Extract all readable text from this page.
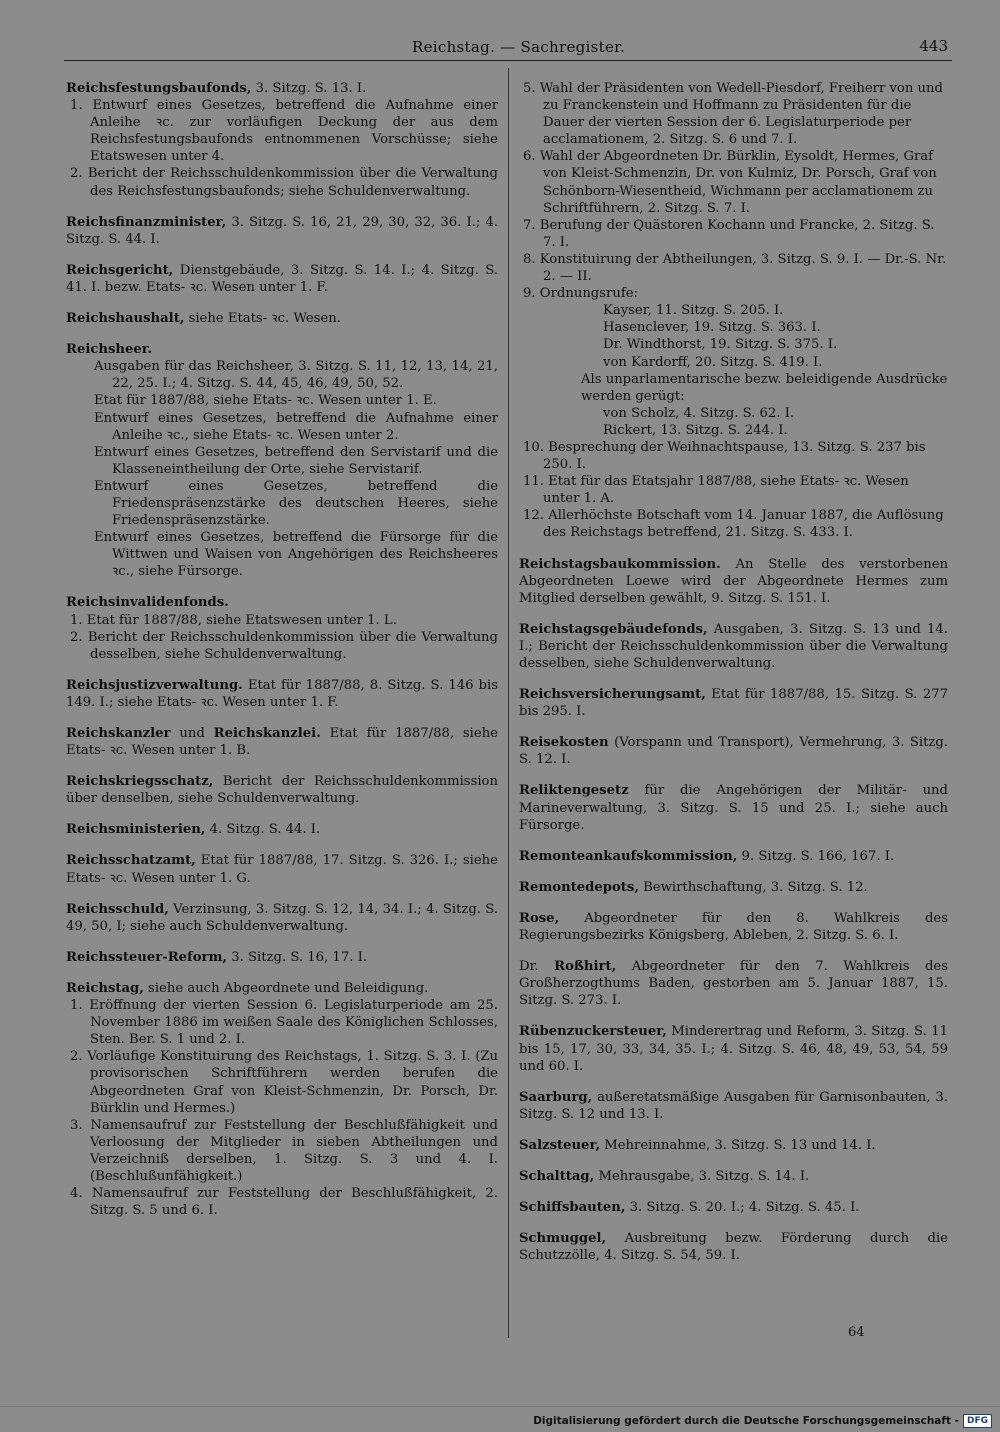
Reichstag. — Sachregister.	443
Reichsfestungsbaufonds, 3. Sitzg. S. 13. I.
1. Entwurf eines Gesetzes, betreffend die Aufnahme einer Anleihe ꝛc. zur vorläufigen Deckung der aus dem Reichsfestungsbaufonds entnommenen Vorschüsse; siehe Etatswesen unter 4.
2. Bericht der Reichsschuldenkommission über die Verwaltung des Reichsfestungsbaufonds; siehe Schuldenverwaltung.
Reichsfinanzminister, 3. Sitzg. S. 16, 21, 29, 30, 32, 36. I.; 4. Sitzg. S. 44. I.
Reichsgericht, Dienstgebäude, 3. Sitzg. S. 14. I.; 4. Sitzg. S. 41. I. bezw. Etats- ꝛc. Wesen unter 1. F.
Reichshaushalt, siehe Etats- ꝛc. Wesen.
Reichsheer.
Ausgaben für das Reichsheer, 3. Sitzg. S. 11, 12, 13, 14, 21, 22, 25. I.; 4. Sitzg. S. 44, 45, 46, 49, 50, 52.
Etat für 1887/88, siehe Etats- ꝛc. Wesen unter 1. E.
Entwurf eines Gesetzes, betreffend die Aufnahme einer Anleihe ꝛc., siehe Etats- ꝛc. Wesen unter 2.
Entwurf eines Gesetzes, betreffend den Servistarif und die Klasseneintheilung der Orte, siehe Servistarif.
Entwurf eines Gesetzes, betreffend die Friedenspräsenzstärke des deutschen Heeres, siehe Friedenspräsenzstärke.
Entwurf eines Gesetzes, betreffend die Fürsorge für die Wittwen und Waisen von Angehörigen des Reichsheeres ꝛc., siehe Fürsorge.
Reichsinvalidenfonds.
1. Etat für 1887/88, siehe Etatswesen unter 1. L.
2. Bericht der Reichsschuldenkommission über die Verwaltung desselben, siehe Schuldenverwaltung.
Reichsjustizverwaltung. Etat für 1887/88, 8. Sitzg. S. 146 bis 149. I.; siehe Etats- ꝛc. Wesen unter 1. F.
Reichskanzler und Reichskanzlei. Etat für 1887/88, siehe Etats- ꝛc. Wesen unter 1. B.
Reichskriegsschatz, Bericht der Reichsschuldenkommission über denselben, siehe Schuldenverwaltung.
Reichsministerien, 4. Sitzg. S. 44. I.
Reichsschatzamt, Etat für 1887/88, 17. Sitzg. S. 326. I.; siehe Etats- ꝛc. Wesen unter 1. G.
Reichsschuld, Verzinsung, 3. Sitzg. S. 12, 14, 34. I.; 4. Sitzg. S. 49, 50, I; siehe auch Schuldenverwaltung.
Reichssteuer-Reform, 3. Sitzg. S. 16, 17. I.
Reichstag, siehe auch Abgeordnete und Beleidigung.
1. Eröffnung der vierten Session 6. Legislaturperiode am 25. November 1886 im weißen Saale des Königlichen Schlosses, Sten. Ber. S. 1 und 2. I.
2. Vorläufige Konstituirung des Reichstags, 1. Sitzg. S. 3. I. (Zu provisorischen Schriftführern werden berufen die Abgeordneten Graf von Kleist-Schmenzin, Dr. Porsch, Dr. Bürklin und Hermes.)
3. Namensaufruf zur Feststellung der Beschlußfähigkeit und Verloosung der Mitglieder in sieben Abtheilungen und Verzeichniß derselben, 1. Sitzg. S. 3 und 4. I. (Beschlußunfähigkeit.)
4. Namensaufruf zur Feststellung der Beschlußfähigkeit, 2. Sitzg. S. 5 und 6. I.
5. Wahl der Präsidenten von Wedell-Piesdorf, Freiherr von und zu Franckenstein und Hoffmann zu Präsidenten für die Dauer der vierten Session der 6. Legislaturperiode per acclamationem, 2. Sitzg. S. 6 und 7. I.
6. Wahl der Abgeordneten Dr. Bürklin, Eysoldt, Hermes, Graf von Kleist-Schmenzin, Dr. von Kulmiz, Dr. Porsch, Graf von Schönborn-Wiesentheid, Wichmann per acclamationem zu Schriftführern, 2. Sitzg. S. 7. I.
7. Berufung der Quästoren Kochann und Francke, 2. Sitzg. S. 7. I.
8. Konstituirung der Abtheilungen, 3. Sitzg. S. 9. I. — Dr.-S. Nr. 2. — II.
9. Ordnungsrufe:
Kayser, 11. Sitzg. S. 205. I.
Hasenclever, 19. Sitzg. S. 363. I.
Dr. Windthorst, 19. Sitzg. S. 375. I.
von Kardorff, 20. Sitzg. S. 419. I.
Als unparlamentarische bezw. beleidigende Ausdrücke werden gerügt:
von Scholz, 4. Sitzg. S. 62. I.
Rickert, 13. Sitzg. S. 244. I.
10. Besprechung der Weihnachtspause, 13. Sitzg. S. 237 bis 250. I.
11. Etat für das Etatsjahr 1887/88, siehe Etats- ꝛc. Wesen unter 1. A.
12. Allerhöchste Botschaft vom 14. Januar 1887, die Auflösung des Reichstags betreffend, 21. Sitzg. S. 433. I.
Reichstagsbaukommission. An Stelle des verstorbenen Abgeordneten Loewe wird der Abgeordnete Hermes zum Mitglied derselben gewählt, 9. Sitzg. S. 151. I.
Reichstagsgebäudefonds, Ausgaben, 3. Sitzg. S. 13 und 14. I.; Bericht der Reichsschuldenkommission über die Verwaltung desselben, siehe Schuldenverwaltung.
Reichsversicherungsamt, Etat für 1887/88, 15. Sitzg. S. 277 bis 295. I.
Reisekosten (Vorspann und Transport), Vermehrung, 3. Sitzg. S. 12. I.
Reliktengesetz für die Angehörigen der Militär- und Marineverwaltung, 3. Sitzg. S. 15 und 25. I.; siehe auch Fürsorge.
Remonteankaufskommission, 9. Sitzg. S. 166, 167. I.
Remontedepots, Bewirthschaftung, 3. Sitzg. S. 12.
Rose, Abgeordneter für den 8. Wahlkreis des Regierungsbezirks Königsberg, Ableben, 2. Sitzg. S. 6. I.
Dr. Roßhirt, Abgeordneter für den 7. Wahlkreis des Großherzogthums Baden, gestorben am 5. Januar 1887, 15. Sitzg. S. 273. I.
Rübenzuckersteuer, Minderertrag und Reform, 3. Sitzg. S. 11 bis 15, 17, 30, 33, 34, 35. I.; 4. Sitzg. S. 46, 48, 49, 53, 54, 59 und 60. I.
Saarburg, außeretatsmäßige Ausgaben für Garnisonbauten, 3. Sitzg. S. 12 und 13. I.
Salzsteuer, Mehreinnahme, 3. Sitzg. S. 13 und 14. I.
Schalttag, Mehrausgabe, 3. Sitzg. S. 14. I.
Schiffsbauten, 3. Sitzg. S. 20. I.; 4. Sitzg. S. 45. I.
Schmuggel, Ausbreitung bezw. Förderung durch die Schutzzölle, 4. Sitzg. S. 54, 59. I.
64
Digitalisierung gefördert durch die Deutsche Forschungsgemeinschaft - DFG
